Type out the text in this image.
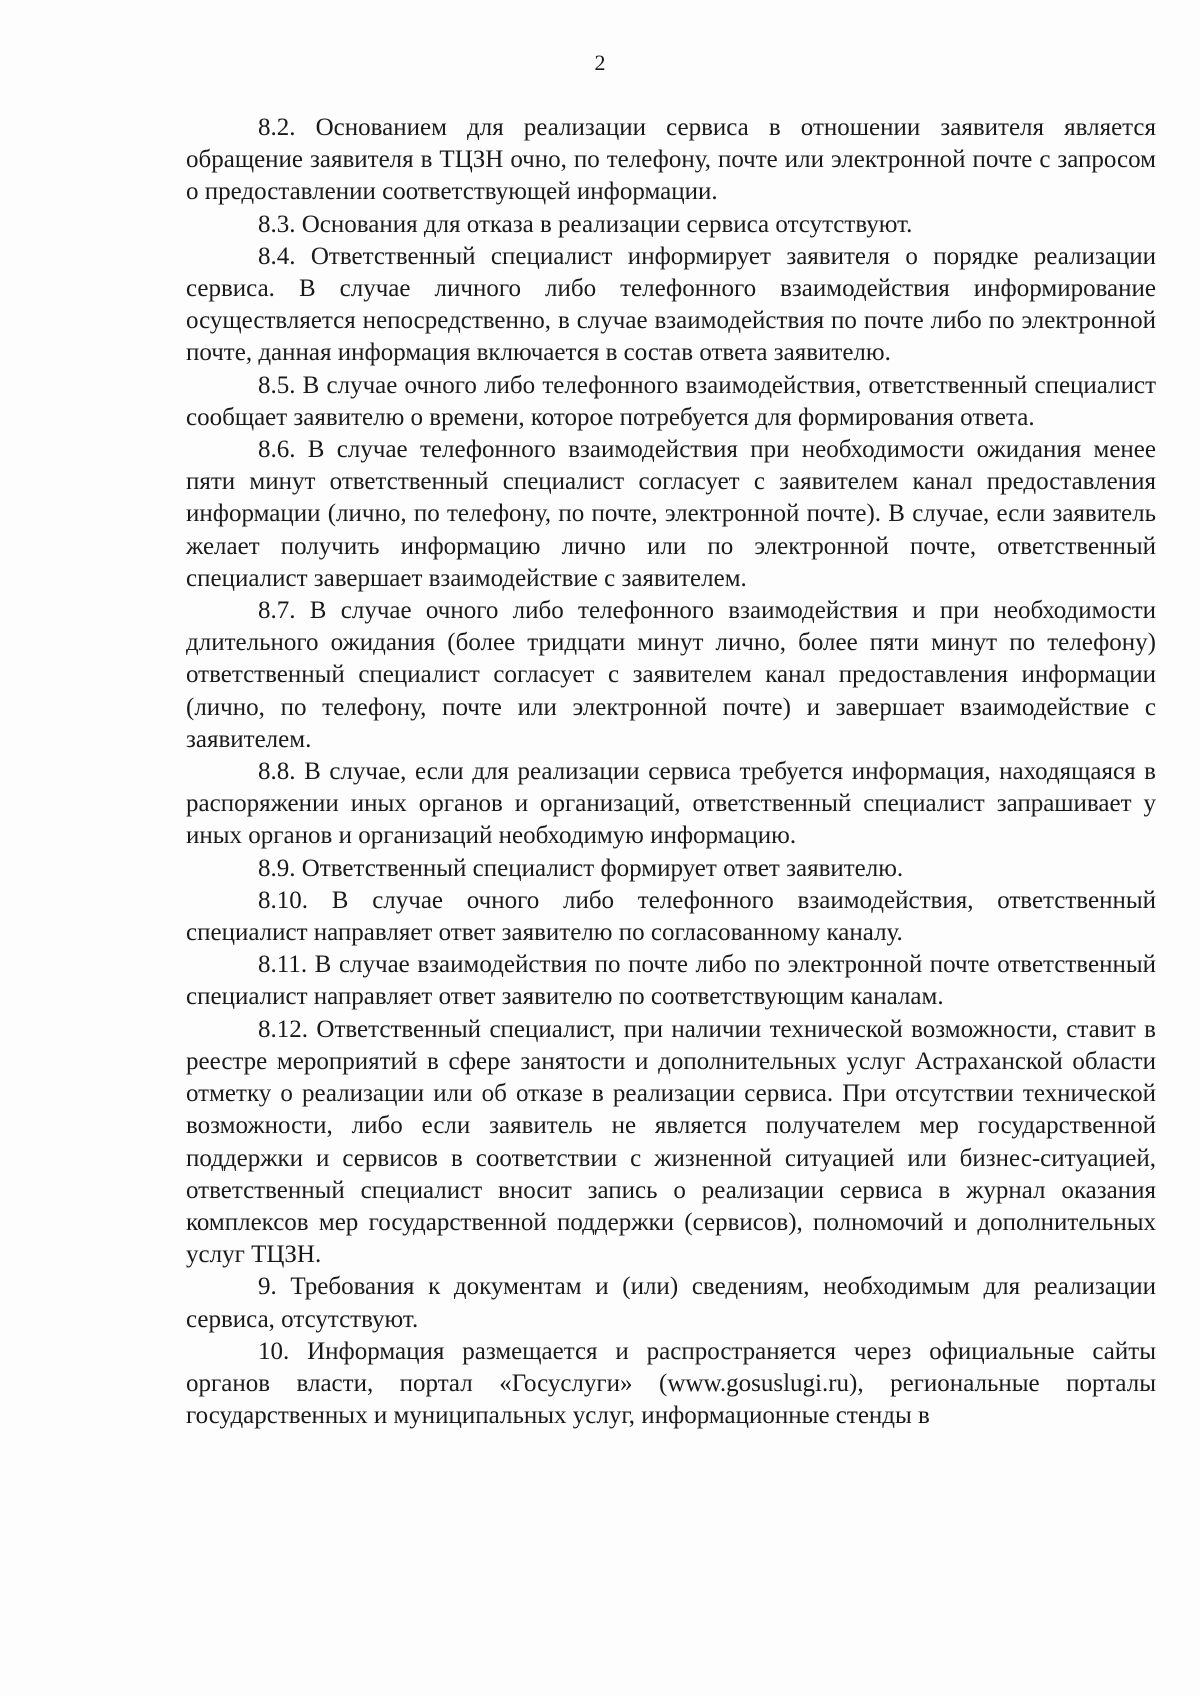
2

8.2. Основанием для реализации сервиса в отношении заявителя является обращение заявителя в ТЦЗН очно, по телефону, почте или электронной почте с запросом о предоставлении соответствующей информации.

8.3. Основания для отказа в реализации сервиса отсутствуют.

8.4. Ответственный специалист информирует заявителя о порядке реализации сервиса. В случае личного либо телефонного взаимодействия информирование осуществляется непосредственно, в случае взаимодействия по почте либо по электронной почте, данная информация включается в состав ответа заявителю.

8.5. В случае очного либо телефонного взаимодействия, ответственный специалист сообщает заявителю о времени, которое потребуется для формирования ответа.

8.6. В случае телефонного взаимодействия при необходимости ожидания менее пяти минут ответственный специалист согласует с заявителем канал предоставления информации (лично, по телефону, по почте, электронной почте). В случае, если заявитель желает получить информацию лично или по электронной почте, ответственный специалист завершает взаимодействие с заявителем.

8.7. В случае очного либо телефонного взаимодействия и при необходимости длительного ожидания (более тридцати минут лично, более пяти минут по телефону) ответственный специалист согласует с заявителем канал предоставления информации (лично, по телефону, почте или электронной почте) и завершает взаимодействие с заявителем.

8.8. В случае, если для реализации сервиса требуется информация, находящаяся в распоряжении иных органов и организаций, ответственный специалист запрашивает у иных органов и организаций необходимую информацию.

8.9. Ответственный специалист формирует ответ заявителю.

8.10. В случае очного либо телефонного взаимодействия, ответственный специалист направляет ответ заявителю по согласованному каналу.

8.11. В случае взаимодействия по почте либо по электронной почте ответственный специалист направляет ответ заявителю по соответствующим каналам.

8.12. Ответственный специалист, при наличии технической возможности, ставит в реестре мероприятий в сфере занятости и дополнительных услуг Астраханской области отметку о реализации или об отказе в реализации сервиса. При отсутствии технической возможности, либо если заявитель не является получателем мер государственной поддержки и сервисов в соответствии с жизненной ситуацией или бизнес-ситуацией, ответственный специалист вносит запись о реализации сервиса в журнал оказания комплексов мер государственной поддержки (сервисов), полномочий и дополнительных услуг ТЦЗН.

9. Требования к документам и (или) сведениям, необходимым для реализации сервиса, отсутствуют.

10. Информация размещается и распространяется через официальные сайты органов власти, портал «Госуслуги» (www.gosuslugi.ru), региональные порталы государственных и муниципальных услуг, информационные стенды в
